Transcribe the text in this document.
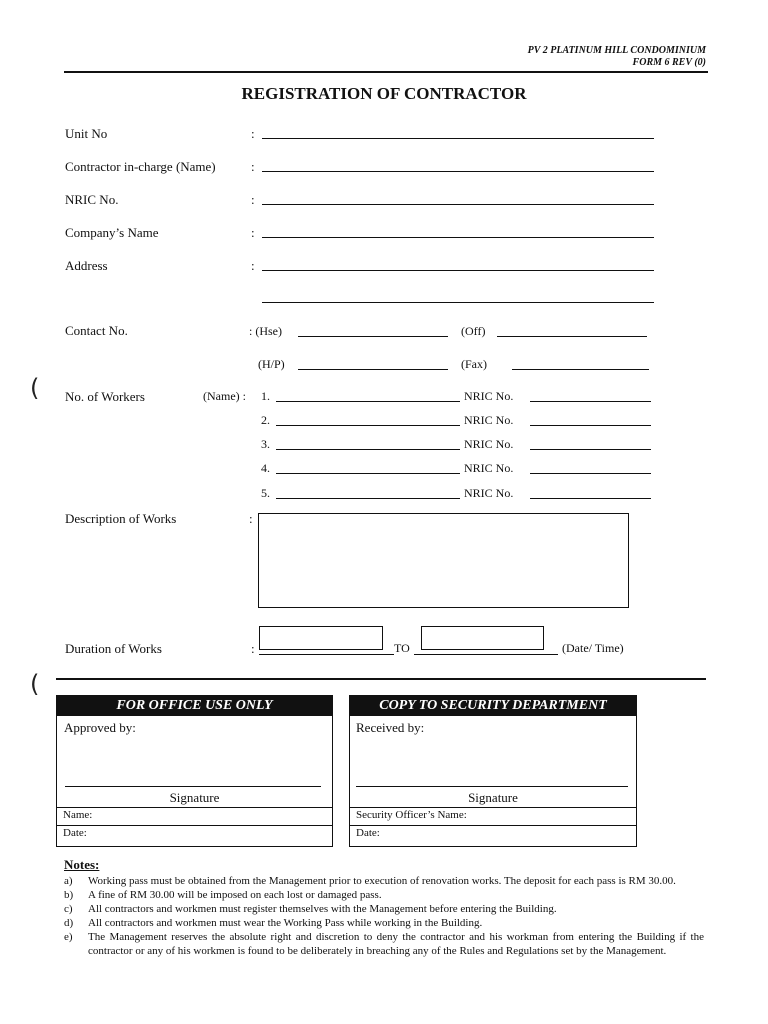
PV 2 PLATINUM HILL CONDOMINIUM
FORM 6 REV (0)
REGISTRATION OF CONTRACTOR
Unit No	:
Contractor in-charge (Name)	:
NRIC No.	:
Company’s Name	:
Address	:
Contact No.	: (Hse)	(Off)
(H/P)	(Fax)
( No. of Workers	(Name) : 1.	NRIC No.
2.	NRIC No.
3.	NRIC No.
4.	NRIC No.
5.	NRIC No.
Description of Works	:
Duration of Works	:	TO	(Date/ Time)
(
FOR OFFICE USE ONLY
Approved by:
Signature
Name:
Date:
COPY TO SECURITY DEPARTMENT
Received by:
Signature
Security Officer’s Name:
Date:
Notes:
a)	Working pass must be obtained from the Management prior to execution of renovation works. The deposit for each pass is RM 30.00.
b)	A fine of RM 30.00 will be imposed on each lost or damaged pass.
c)	All contractors and workmen must register themselves with the Management before entering the Building.
d)	All contractors and workmen must wear the Working Pass while working in the Building.
e)	The Management reserves the absolute right and discretion to deny the contractor and his workman from entering the Building if the contractor or any of his workmen is found to be deliberately in breaching any of the Rules and Regulations set by the Management.
